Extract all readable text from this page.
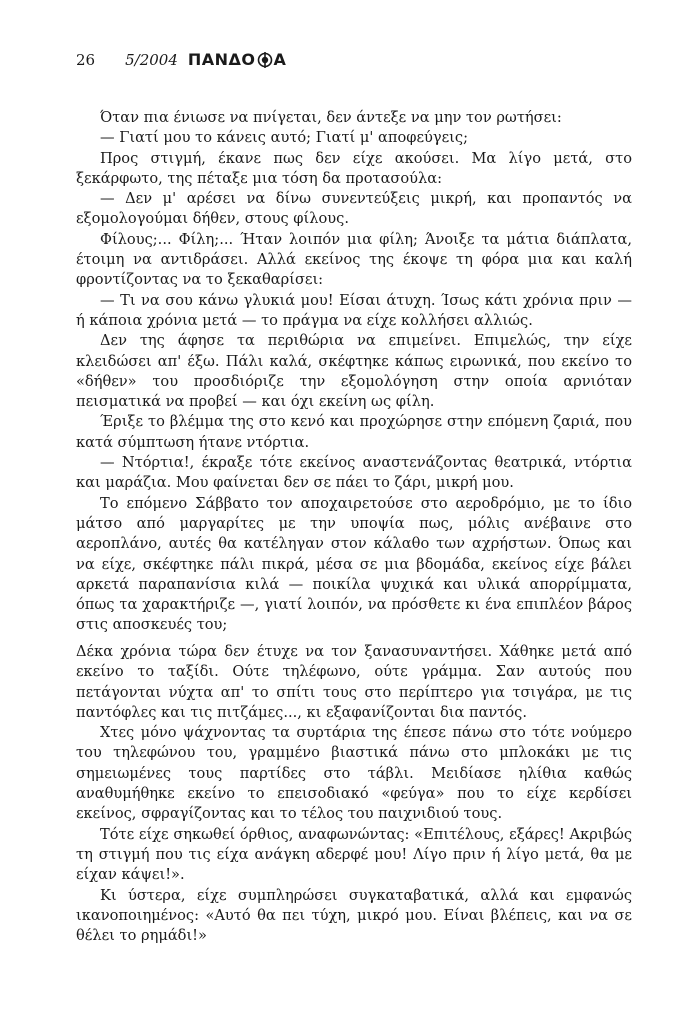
26 5/2004 ΠΑΝΔΟ Α

Όταν πια ένιωσε να πνίγεται, δεν άντεξε να μην τον ρωτήσει:

— Γιατί μου το κάνεις αυτό; Γιατί μ' αποφεύγεις;

Προς στιγμή, έκανε πως δεν είχε ακούσει. Μα λίγο μετά, στο ξεκάρφωτο, της πέταξε μια τόση δα προτασούλα:

— Δεν μ' αρέσει να δίνω συνεντεύξεις μικρή, και προπαντός να εξομολογούμαι δήθεν, στους φίλους.

Φίλους;... Φίλη;... Ήταν λοιπόν μια φίλη; Άνοιξε τα μάτια διάπλατα, έτοιμη να αντιδράσει. Αλλά εκείνος της έκοψε τη φόρα μια και καλή φροντίζοντας να το ξεκαθαρίσει:

— Τι να σου κάνω γλυκιά μου! Είσαι άτυχη. Ίσως κάτι χρόνια πριν — ή κάποια χρόνια μετά — το πράγμα να είχε κολλήσει αλλιώς.

Δεν της άφησε τα περιθώρια να επιμείνει. Επιμελώς, την είχε κλειδώσει απ' έξω. Πάλι καλά, σκέφτηκε κάπως ειρωνικά, που εκείνο το «δήθεν» του προσδιόριζε την εξομολόγηση στην οποία αρνιόταν πεισματικά να προβεί — και όχι εκείνη ως φίλη.

Έριξε το βλέμμα της στο κενό και προχώρησε στην επόμενη ζαριά, που κατά σύμπτωση ήτανε ντόρτια.

— Ντόρτια!, έκραξε τότε εκείνος αναστενάζοντας θεατρικά, ντόρτια και μαράζια. Μου φαίνεται δεν σε πάει το ζάρι, μικρή μου.

Το επόμενο Σάββατο τον αποχαιρετούσε στο αεροδρόμιο, με το ίδιο μάτσο από μαργαρίτες με την υποψία πως, μόλις ανέβαινε στο αεροπλάνο, αυτές θα κατέληγαν στον κάλαθο των αχρήστων. Όπως και να είχε, σκέφτηκε πάλι πικρά, μέσα σε μια βδομάδα, εκείνος είχε βάλει αρκετά παραπανίσια κιλά — ποικίλα ψυχικά και υλικά απορρίμματα, όπως τα χαρακτήριζε —, γιατί λοιπόν, να πρόσθετε κι ένα επιπλέον βάρος στις αποσκευές του;

Δέκα χρόνια τώρα δεν έτυχε να τον ξανασυναντήσει. Χάθηκε μετά από εκείνο το ταξίδι. Ούτε τηλέφωνο, ούτε γράμμα. Σαν αυτούς που πετάγονται νύχτα απ' το σπίτι τους στο περίπτερο για τσιγάρα, με τις παντόφλες και τις πιτζάμες..., κι εξαφανίζονται δια παντός.

Χτες μόνο ψάχνοντας τα συρτάρια της έπεσε πάνω στο τότε νούμερο του τηλεφώνου του, γραμμένο βιαστικά πάνω στο μπλοκάκι με τις σημειωμένες τους παρτίδες στο τάβλι. Μειδίασε ηλίθια καθώς αναθυμήθηκε εκείνο το επεισοδιακό «φεύγα» που το είχε κερδίσει εκείνος, σφραγίζοντας και το τέλος του παιχνιδιού τους.

Τότε είχε σηκωθεί όρθιος, αναφωνώντας: «Επιτέλους, εξάρες! Ακριβώς τη στιγμή που τις είχα ανάγκη αδερφέ μου! Λίγο πριν ή λίγο μετά, θα με είχαν κάψει!».

Κι ύστερα, είχε συμπληρώσει συγκαταβατικά, αλλά και εμφανώς ικανοποιημένος: «Αυτό θα πει τύχη, μικρό μου. Είναι βλέπεις, και να σε θέλει το ρημάδι!»
